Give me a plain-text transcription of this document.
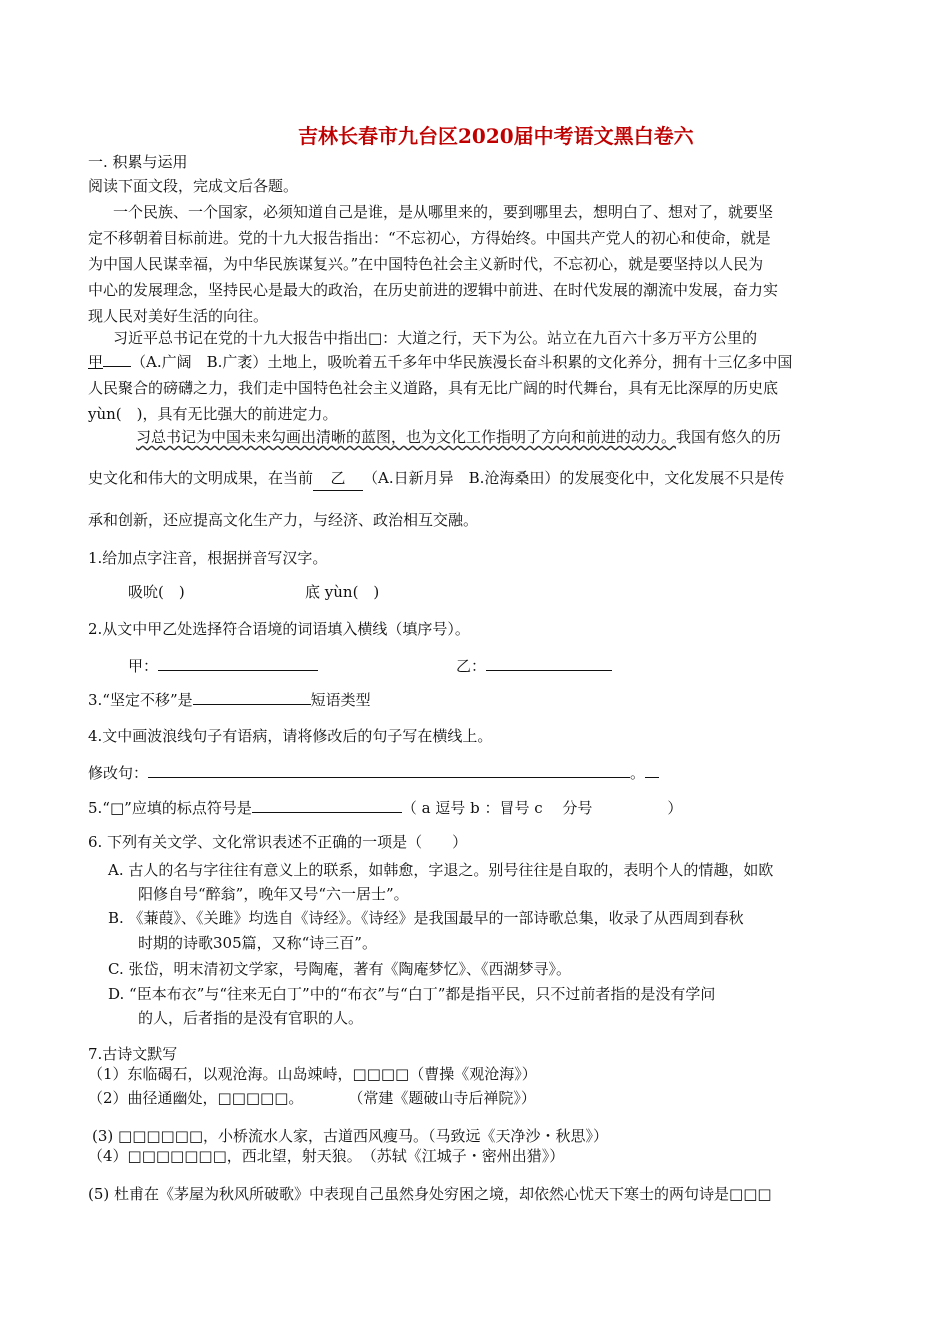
吉林长春市九台区2020届中考语文黑白卷六
一. 积累与运用
阅读下面文段，完成文后各题。
一个民族、一个国家，必须知道自己是谁，是从哪里来的，要到哪里去，想明白了、想对了，就要坚
定不移朝着目标前进。党的十九大报告指出：“不忘初心，方得始终。中国共产党人的初心和使命，就是
为中国人民谋幸福，为中华民族谋复兴。”在中国特色社会主义新时代，不忘初心，就是要坚持以人民为
中心的发展理念，坚持民心是最大的政治，在历史前进的逻辑中前进、在时代发展的潮流中发展，奋力实
现人民对美好生活的向往。
习近平总书记在党的十九大报告中指出□：大道之行，天下为公。站立在九百六十多万平方公里的
甲 （A.广阔　B.广袤）土地上，吸吮着五千多年中华民族漫长奋斗积累的文化养分，拥有十三亿多中国
人民聚合的磅礴之力，我们走中国特色社会主义道路，具有无比广阔的时代舞台，具有无比深厚的历史底
yùn(　)，具有无比强大的前进定力。
习总书记为中国未来勾画出清晰的蓝图，也为文化工作指明了方向和前进的动力。我国有悠久的历
史文化和伟大的文明成果，在当前 乙 （A.日新月异　B.沧海桑田）的发展变化中，文化发展不只是传
承和创新，还应提高文化生产力，与经济、政治相互交融。
1.给加点字注音，根据拼音写汉字。
吸吮(　)	底 yùn(　)
2.从文中甲乙处选择符合语境的词语填入横线（填序号）。
甲：	乙：
3.“坚定不移”是	短语类型
4.文中画波浪线句子有语病，请将修改后的句子写在横线上。
修改句：	。
5.“□”应填的标点符号是	（ a 逗号 b ：冒号 c　 分号　　　　　）
6. 下列有关文学、文化常识表述不正确的一项是（　　）
A. 古人的名与字往往有意义上的联系，如韩愈，字退之。别号往往是自取的，表明个人的情趣，如欧
阳修自号“醉翁”，晚年又号“六一居士”。
B. 《蒹葭》、《关雎》均选自《诗经》。《诗经》是我国最早的一部诗歌总集，收录了从西周到春秋
时期的诗歌305篇，又称“诗三百”。
C. 张岱，明末清初文学家，号陶庵，著有《陶庵梦忆》、《西湖梦寻》。
D. “臣本布衣”与“往来无白丁”中的“布衣”与“白丁”都是指平民，只不过前者指的是没有学问
的人，后者指的是没有官职的人。
7.古诗文默写
（1）东临碣石，以观沧海。山岛竦峙，□□□□（曹操《观沧海》）
（2）曲径通幽处，□□□□□。　　　　（常建《题破山寺后禅院》）
(3) □□□□□□，小桥流水人家，古道西风瘦马。（马致远《天净沙・秋思》）
（4）□□□□□□□，西北望，射天狼。　（苏轼《江城子・密州出猎》）
(5) 杜甫在《茅屋为秋风所破歌》中表现自己虽然身处穷困之境，却依然心忧天下寒士的两句诗是□□□
